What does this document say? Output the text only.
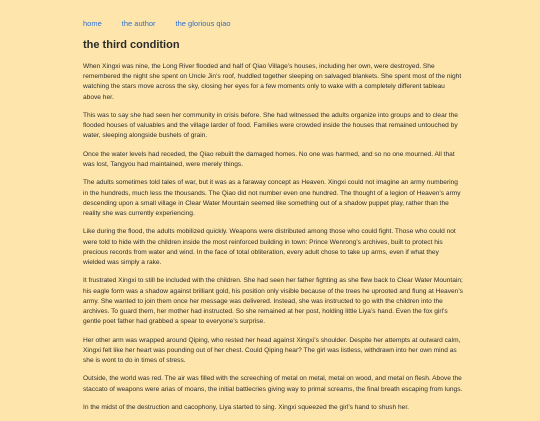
home	the author	the glorious qiao
the third condition

When Xingxi was nine, the Long River flooded and half of Qiao Village’s houses, including her own, were destroyed. She remembered the night she spent on Uncle Jin’s roof, huddled together sleeping on salvaged blankets. She spent most of the night watching the stars move across the sky, closing her eyes for a few moments only to wake with a completely different tableau above her.

This was to say she had seen her community in crisis before. She had witnessed the adults organize into groups and to clear the flooded houses of valuables and the village larder of food. Families were crowded inside the houses that remained untouched by water, sleeping alongside bushels of grain.

Once the water levels had receded, the Qiao rebuilt the damaged homes. No one was harmed, and so no one mourned. All that was lost, Tangyou had maintained, were merely things.

The adults sometimes told tales of war, but it was as a faraway concept as Heaven. Xingxi could not imagine an army numbering in the hundreds, much less the thousands. The Qiao did not number even one hundred. The thought of a legion of Heaven’s army descending upon a small village in Clear Water Mountain seemed like something out of a shadow puppet play, rather than the reality she was currently experiencing.

Like during the flood, the adults mobilized quickly. Weapons were distributed among those who could fight. Those who could not were told to hide with the children inside the most reinforced building in town: Prince Wenrong’s archives, built to protect his precious records from water and wind. In the face of total obliteration, every adult chose to take up arms, even if what they wielded was simply a rake.

It frustrated Xingxi to still be included with the children. She had seen her father fighting as she flew back to Clear Water Mountain; his eagle form was a shadow against brilliant gold, his position only visible because of the trees he uprooted and flung at Heaven’s army. She wanted to join them once her message was delivered. Instead, she was instructed to go with the children into the archives. To guard them, her mother had instructed. So she remained at her post, holding little Liya’s hand. Even the fox girl’s gentle poet father had grabbed a spear to everyone’s surprise.

Her other arm was wrapped around Qiping, who rested her head against Xingxi’s shoulder. Despite her attempts at outward calm, Xingxi felt like her heart was pounding out of her chest. Could Qiping hear? The girl was listless, withdrawn into her own mind as she is wont to do in times of stress.

Outside, the world was red. The air was filled with the screeching of metal on metal, metal on wood, and metal on flesh. Above the staccato of weapons were arias of moans, the initial battlecries giving way to primal screams, the final breath escaping from lungs.

In the midst of the destruction and cacophony, Liya started to sing. Xingxi squeezed the girl’s hand to shush her.
